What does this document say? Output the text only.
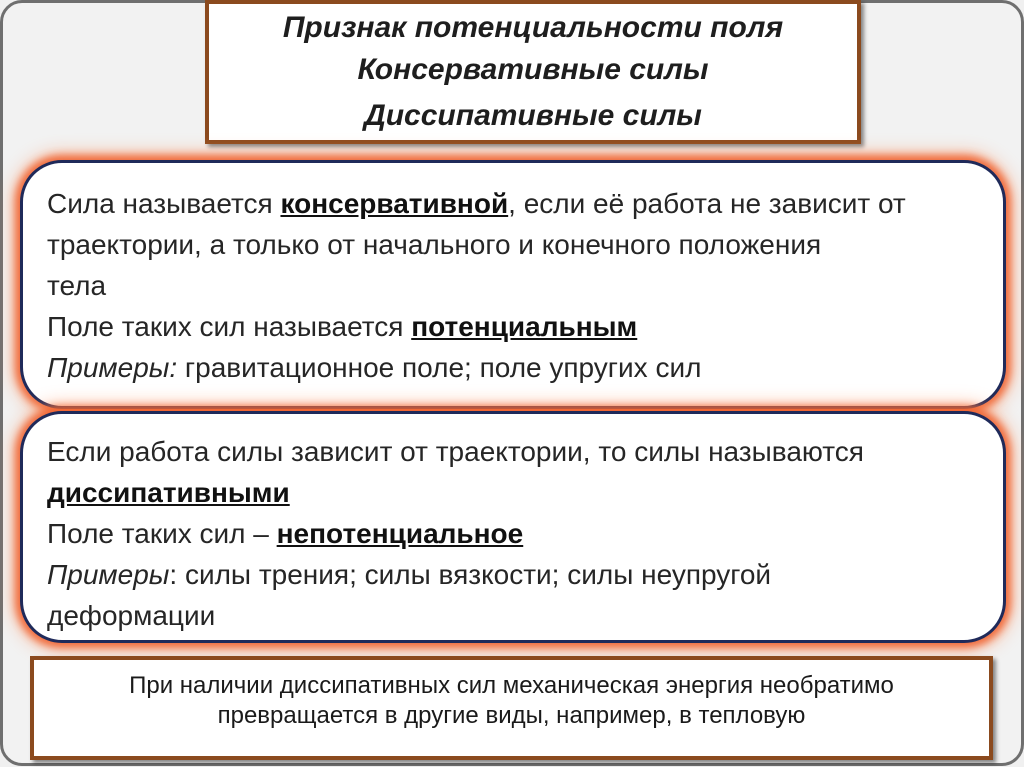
Признак потенциальности поля
Консервативные силы
Диссипативные силы
Сила называется консервативной, если её работа не зависит от
траектории, а только от начального и конечного положения
тела
Поле таких сил называется потенциальным
Примеры: гравитационное поле; поле упругих сил
Если работа силы зависит от траектории, то силы называются
диссипативными
Поле таких сил – непотенциальное
Примеры: силы трения; силы вязкости; силы неупругой
деформации
При наличии диссипативных сил механическая энергия необратимо
превращается в другие виды, например, в тепловую
